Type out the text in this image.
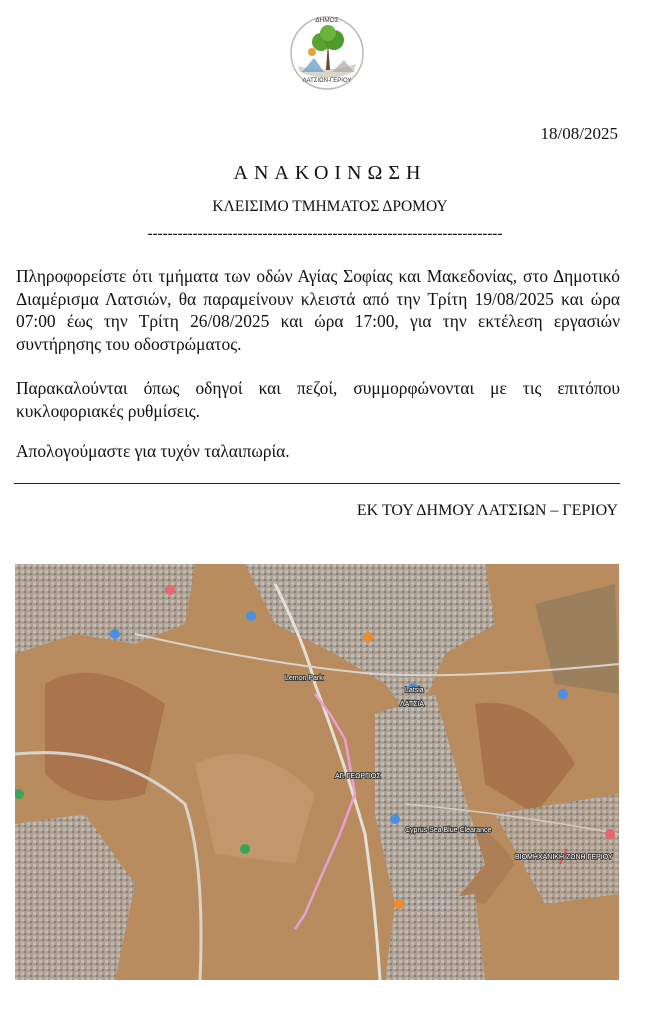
ΔΗΜΟΣ
ΛΑΤΣΙΩΝ-ΓΕΡΙΟΥ
18/08/2025
ΑΝΑΚΟΙΝΩΣΗ
ΚΛΕΙΣΙΜΟ ΤΜΗΜΑΤΟΣ ΔΡΟΜΟΥ
-----------------------------------------------------------------------

Πληροφορείστε ότι τμήματα των οδών Αγίας Σοφίας και Μακεδονίας, στο Δημοτικό Διαμέρισμα Λατσιών, θα παραμείνουν κλειστά από την Τρίτη 19/08/2025 και ώρα 07:00 έως την Τρίτη 26/08/2025 και ώρα 17:00, για την εκτέλεση εργασιών συντήρησης του οδοστρώματος.

Παρακαλούνται όπως οδηγοί και πεζοί, συμμορφώνονται με τις επιτόπου κυκλοφοριακές ρυθμίσεις.

Απολογούμαστε για τυχόν ταλαιπωρία.

ΕΚ ΤΟΥ ΔΗΜΟΥ ΛΑΤΣΙΩΝ – ΓΕΡΙΟΥ
Latsia
ΛΑΤΣΙΑ
ΑΓ. ΓΕΩΡΓΙΟΣ
ΒΙΟΜΗΧΑΝΙΚΗ ΖΩΝΗ ΓΕΡΙΟΥ
Lemon Park
Cyprus Sea Blue Clearance
